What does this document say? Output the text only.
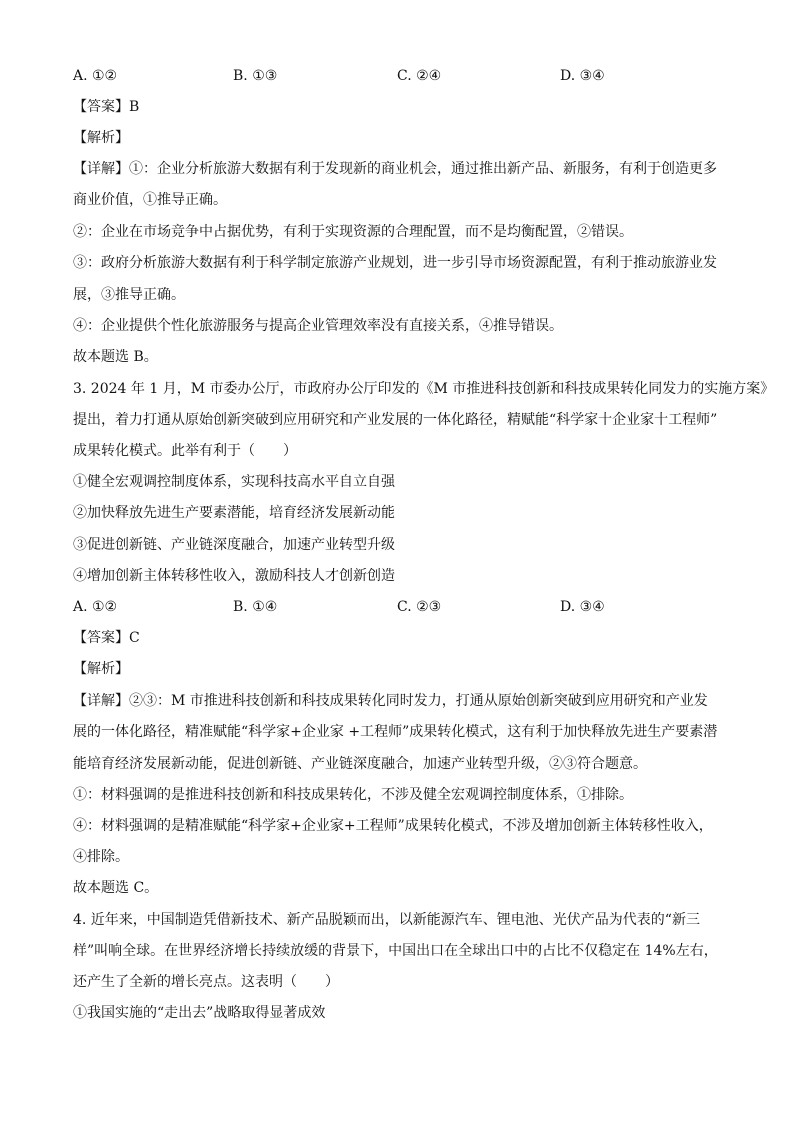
A. ①②	B. ①③	C. ②④	D. ③④
【答案】B
【解析】
【详解】①：企业分析旅游大数据有利于发现新的商业机会，通过推出新产品、新服务，有利于创造更多
商业价值，①推导正确。
②：企业在市场竞争中占据优势，有利于实现资源的合理配置，而不是均衡配置，②错误。
③：政府分析旅游大数据有利于科学制定旅游产业规划，进一步引导市场资源配置，有利于推动旅游业发
展，③推导正确。
④：企业提供个性化旅游服务与提高企业管理效率没有直接关系，④推导错误。
故本题选 B。
3. 2024 年 1 月，M 市委办公厅，市政府办公厅印发的《M 市推进科技创新和科技成果转化同发力的实施方案》
提出，着力打通从原始创新突破到应用研究和产业发展的一体化路径，精赋能“科学家十企业家十工程师”
成果转化模式。此举有利于（　　）
①健全宏观调控制度体系，实现科技高水平自立自强
②加快释放先进生产要素潜能，培育经济发展新动能
③促进创新链、产业链深度融合，加速产业转型升级
④增加创新主体转移性收入，激励科技人才创新创造
A. ①②	B. ①④	C. ②③	D. ③④
【答案】C
【解析】
【详解】②③：M 市推进科技创新和科技成果转化同时发力，打通从原始创新突破到应用研究和产业发
展的一体化路径，精准赋能“科学家+企业家 +工程师”成果转化模式，这有利于加快释放先进生产要素潜
能培育经济发展新动能，促进创新链、产业链深度融合，加速产业转型升级，②③符合题意。
①：材料强调的是推进科技创新和科技成果转化，不涉及健全宏观调控制度体系，①排除。
④：材料强调的是精准赋能“科学家+企业家+工程师”成果转化模式，不涉及增加创新主体转移性收入，
④排除。
故本题选 C。
4. 近年来，中国制造凭借新技术、新产品脱颖而出，以新能源汽车、锂电池、光伏产品为代表的“新三
样”叫响全球。在世界经济增长持续放缓的背景下，中国出口在全球出口中的占比不仅稳定在 14%左右，
还产生了全新的增长亮点。这表明（　　）
①我国实施的“走出去”战略取得显著成效
